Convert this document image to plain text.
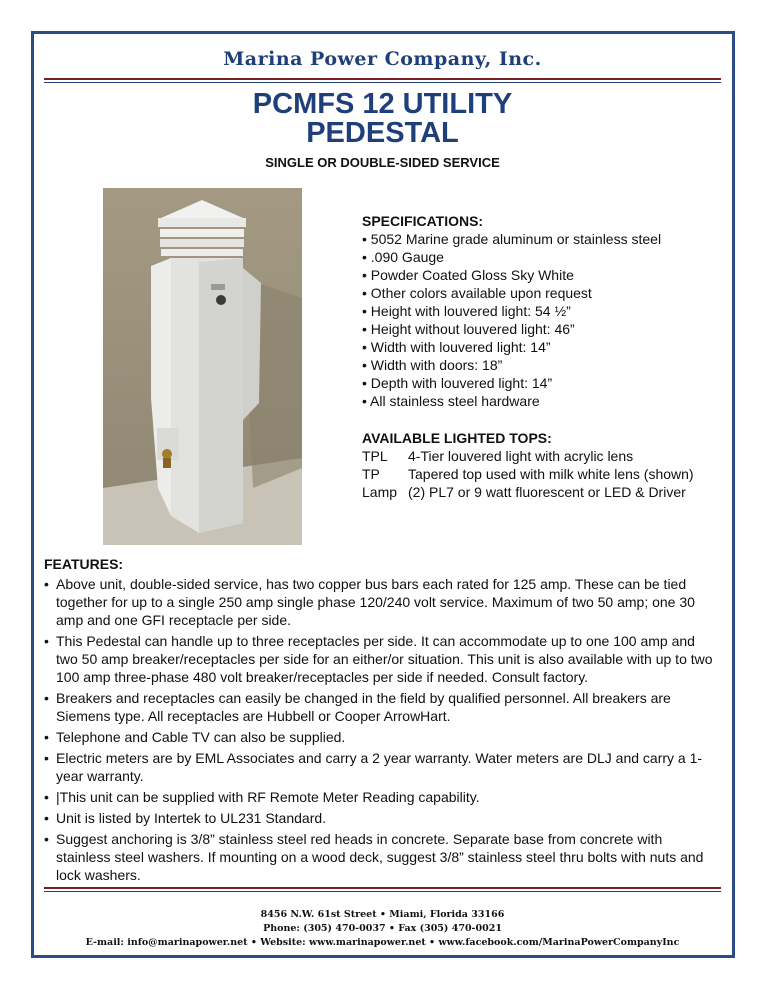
Marina Power Company, Inc.
PCMFS 12 UTILITY
PEDESTAL
SINGLE OR DOUBLE-SIDED SERVICE
SPECIFICATIONS:
• 5052 Marine grade aluminum or stainless steel
• .090 Gauge
• Powder Coated Gloss Sky White
• Other colors available upon request
• Height with louvered light: 54 ½”
• Height without louvered light: 46”
• Width with louvered light: 14”
• Width with doors: 18”
• Depth with louvered light: 14”
• All stainless steel hardware
AVAILABLE LIGHTED TOPS:
TPL	4-Tier louvered light with acrylic lens
TP	Tapered top used with milk white lens (shown)
Lamp (2) PL7 or 9 watt fluorescent or LED & Driver
FEATURES:
• Above unit, double-sided service, has two copper bus bars each rated for 125 amp. These can be tied together for up to a single 250 amp single phase 120/240 volt service. Maximum of two 50 amp; one 30 amp and one GFI receptacle per side.
• This Pedestal can handle up to three receptacles per side. It can accommodate up to one 100 amp and two 50 amp breaker/receptacles per side for an either/or situation. This unit is also available with up to two 100 amp three-phase 480 volt breaker/receptacles per side if needed. Consult factory.
• Breakers and receptacles can easily be changed in the field by qualified personnel. All breakers are Siemens type. All receptacles are Hubbell or Cooper ArrowHart.
• Telephone and Cable TV can also be supplied.
• Electric meters are by EML Associates and carry a 2 year warranty. Water meters are DLJ and carry a 1-year warranty.
• |This unit can be supplied with RF Remote Meter Reading capability.
• Unit is listed by Intertek to UL231 Standard.
• Suggest anchoring is 3/8” stainless steel red heads in concrete. Separate base from concrete with stainless steel washers. If mounting on a wood deck, suggest 3/8” stainless steel thru bolts with nuts and lock washers.
8456 N.W. 61st Street • Miami, Florida 33166
Phone: (305) 470-0037 • Fax (305) 470-0021
E-mail: info@marinapower.net • Website: www.marinapower.net • www.facebook.com/MarinaPowerCompanyInc
